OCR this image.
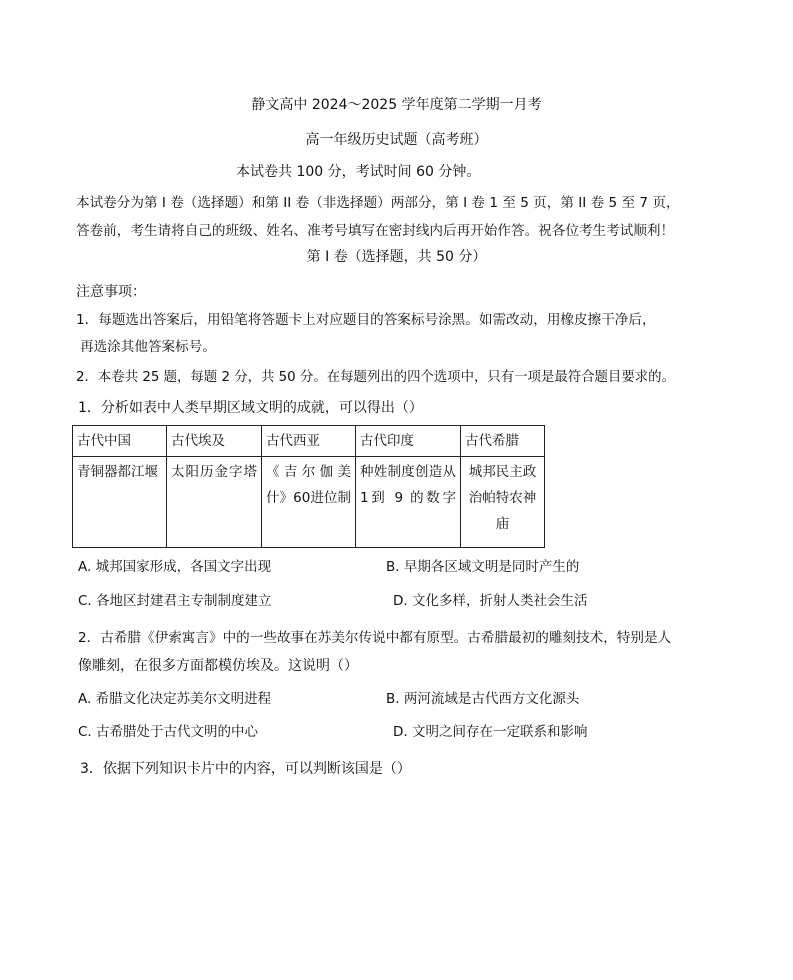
静文高中 2024～2025 学年度第二学期一月考
高一年级历史试题（高考班）
本试卷共 100 分，考试时间 60 分钟。
本试卷分为第 I 卷（选择题）和第 II 卷（非选择题）两部分，第 I 卷 1 至 5 页，第 II 卷 5 至 7 页，
答卷前，考生请将自己的班级、姓名、准考号填写在密封线内后再开始作答。祝各位考生考试顺利！
第 I 卷（选择题，共 50 分）
注意事项：
1．每题选出答案后，用铅笔将答题卡上对应题目的答案标号涂黑。如需改动，用橡皮擦干净后，
再选涂其他答案标号。
2．本卷共 25 题，每题 2 分，共 50 分。在每题列出的四个选项中，只有一项是最符合题目要求的。
1．分析如表中人类早期区域文明的成就，可以得出（）
古代中国	古代埃及	古代西亚	古代印度	古代希腊
青铜器都江堰	太阳历金字塔	《吉尔伽美什》60进位制	种姓制度创造从 1到 9 的数字	城邦民主政治帕特农神庙
A. 城邦国家形成，各国文字出现	B. 早期各区域文明是同时产生的
C. 各地区封建君主专制制度建立	D. 文化多样，折射人类社会生活
2．古希腊《伊索寓言》中的一些故事在苏美尔传说中都有原型。古希腊最初的雕刻技术，特别是人
像雕刻，在很多方面都模仿埃及。这说明（）
A. 希腊文化决定苏美尔文明进程	B. 两河流域是古代西方文化源头
C. 古希腊处于古代文明的中心	D. 文明之间存在一定联系和影响
3．依据下列知识卡片中的内容，可以判断该国是（）
